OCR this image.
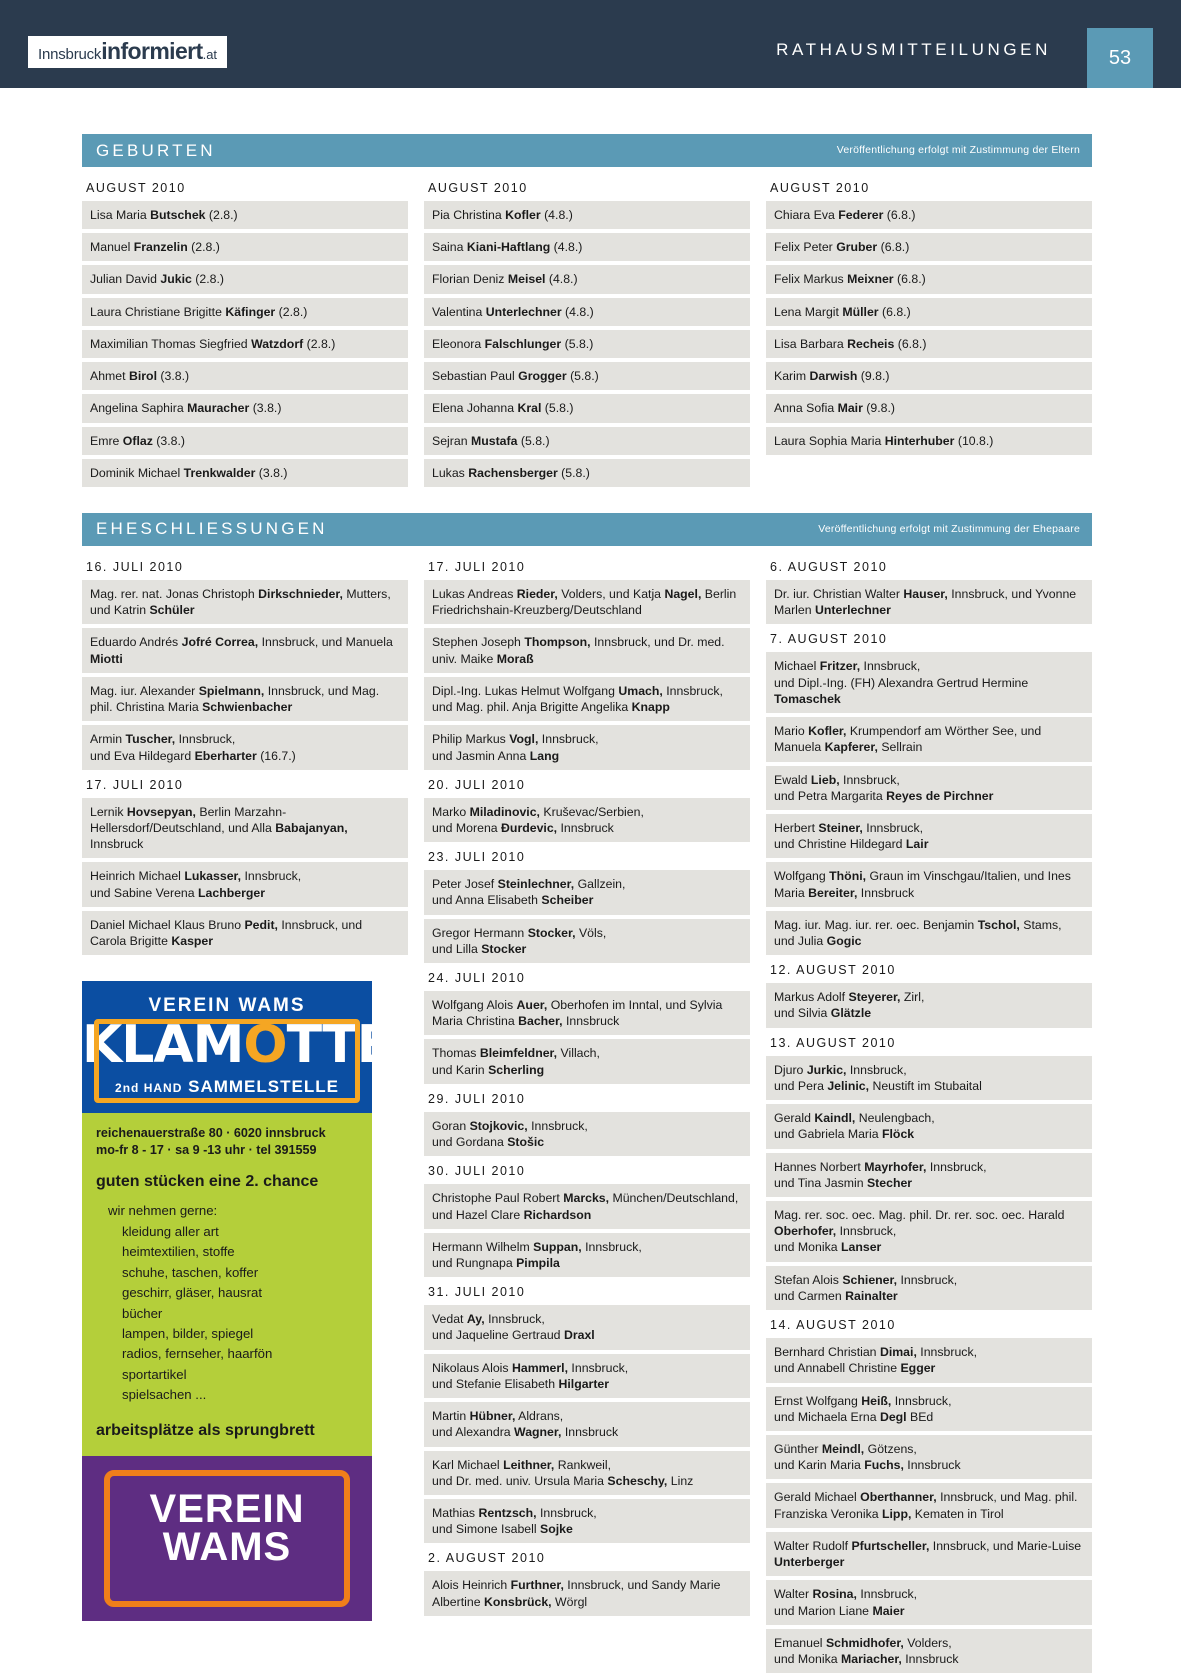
Innsbruck informiert .at	RATHAUSMITTEILUNGEN	53
GEBURTEN	Veröffentlichung erfolgt mit Zustimmung der Eltern
AUGUST 2010
Lisa Maria Butschek (2.8.)
Manuel Franzelin (2.8.)
Julian David Jukic (2.8.)
Laura Christiane Brigitte Käfinger (2.8.)
Maximilian Thomas Siegfried Watzdorf (2.8.)
Ahmet Birol (3.8.)
Angelina Saphira Mauracher (3.8.)
Emre Oflaz (3.8.)
Dominik Michael Trenkwalder (3.8.)
AUGUST 2010
Pia Christina Kofler (4.8.)
Saina Kiani-Haftlang (4.8.)
Florian Deniz Meisel (4.8.)
Valentina Unterlechner (4.8.)
Eleonora Falschlunger (5.8.)
Sebastian Paul Grogger (5.8.)
Elena Johanna Kral (5.8.)
Sejran Mustafa (5.8.)
Lukas Rachensberger (5.8.)
AUGUST 2010
Chiara Eva Federer (6.8.)
Felix Peter Gruber (6.8.)
Felix Markus Meixner (6.8.)
Lena Margit Müller (6.8.)
Lisa Barbara Recheis (6.8.)
Karim Darwish (9.8.)
Anna Sofia Mair (9.8.)
Laura Sophia Maria Hinterhuber (10.8.)
EHESCHLIESSUNGEN	Veröffentlichung erfolgt mit Zustimmung der Ehepaare
16. JULI 2010
Mag. rer. nat. Jonas Christoph Dirkschnieder, Mutters, und Katrin Schüler
Eduardo Andrés Jofré Correa, Innsbruck, und Manuela Miotti
Mag. iur. Alexander Spielmann, Innsbruck, und Mag. phil. Christina Maria Schwienbacher
Armin Tuscher, Innsbruck,
und Eva Hildegard Eberharter (16.7.)
17. JULI 2010
Lernik Hovsepyan, Berlin Marzahn-Hellersdorf/Deutschland, und Alla Babajanyan, Innsbruck
Heinrich Michael Lukasser, Innsbruck,
und Sabine Verena Lachberger
Daniel Michael Klaus Bruno Pedit, Innsbruck, und Carola Brigitte Kasper
VEREIN WAMS
KLAMOTTE
2nd HAND SAMMELSTELLE
reichenauerstraße 80 · 6020 innsbruck
mo-fr 8 - 17 · sa 9 -13 uhr · tel 391559
guten stücken eine 2. chance
wir nehmen gerne:
kleidung aller art
heimtextilien, stoffe
schuhe, taschen, koffer
geschirr, gläser, hausrat
bücher
lampen, bilder, spiegel
radios, fernseher, haarfön
sportartikel
spielsachen ...
arbeitsplätze als sprungbrett
VEREIN
WAMS
17. JULI 2010
Lukas Andreas Rieder, Volders, und Katja Nagel, Berlin Friedrichshain-Kreuzberg/Deutschland
Stephen Joseph Thompson, Innsbruck, und Dr. med. univ. Maike Moraß
Dipl.-Ing. Lukas Helmut Wolfgang Umach, Innsbruck, und Mag. phil. Anja Brigitte Angelika Knapp
Philip Markus Vogl, Innsbruck,
und Jasmin Anna Lang
20. JULI 2010
Marko Miladinovic, Kruševac/Serbien,
und Morena Đurdevic, Innsbruck
23. JULI 2010
Peter Josef Steinlechner, Gallzein,
und Anna Elisabeth Scheiber
Gregor Hermann Stocker, Völs,
und Lilla Stocker
24. JULI 2010
Wolfgang Alois Auer, Oberhofen im Inntal, und Sylvia Maria Christina Bacher, Innsbruck
Thomas Bleimfeldner, Villach,
und Karin Scherling
29. JULI 2010
Goran Stojkovic, Innsbruck,
und Gordana Stošic
30. JULI 2010
Christophe Paul Robert Marcks, München/Deutschland, und Hazel Clare Richardson
Hermann Wilhelm Suppan, Innsbruck,
und Rungnapa Pimpila
31. JULI 2010
Vedat Ay, Innsbruck,
und Jaqueline Gertraud Draxl
Nikolaus Alois Hammerl, Innsbruck,
und Stefanie Elisabeth Hilgarter
Martin Hübner, Aldrans,
und Alexandra Wagner, Innsbruck
Karl Michael Leithner, Rankweil,
und Dr. med. univ. Ursula Maria Scheschy, Linz
Mathias Rentzsch, Innsbruck,
und Simone Isabell Sojke
2. AUGUST 2010
Alois Heinrich Furthner, Innsbruck, und Sandy Marie Albertine Konsbrück, Wörgl
6. AUGUST 2010
Dr. iur. Christian Walter Hauser, Innsbruck, und Yvonne Marlen Unterlechner
7. AUGUST 2010
Michael Fritzer, Innsbruck,
und Dipl.-Ing. (FH) Alexandra Gertrud Hermine Tomaschek
Mario Kofler, Krumpendorf am Wörther See, und Manuela Kapferer, Sellrain
Ewald Lieb, Innsbruck,
und Petra Margarita Reyes de Pirchner
Herbert Steiner, Innsbruck,
und Christine Hildegard Lair
Wolfgang Thöni, Graun im Vinschgau/Italien, und Ines Maria Bereiter, Innsbruck
Mag. iur. Mag. iur. rer. oec. Benjamin Tschol, Stams, und Julia Gogic
12. AUGUST 2010
Markus Adolf Steyerer, Zirl,
und Silvia Glätzle
13. AUGUST 2010
Djuro Jurkic, Innsbruck,
und Pera Jelinic, Neustift im Stubaital
Gerald Kaindl, Neulengbach,
und Gabriela Maria Flöck
Hannes Norbert Mayrhofer, Innsbruck,
und Tina Jasmin Stecher
Mag. rer. soc. oec. Mag. phil. Dr. rer. soc. oec. Harald Oberhofer, Innsbruck,
und Monika Lanser
Stefan Alois Schiener, Innsbruck,
und Carmen Rainalter
14. AUGUST 2010
Bernhard Christian Dimai, Innsbruck,
und Annabell Christine Egger
Ernst Wolfgang Heiß, Innsbruck,
und Michaela Erna Degl BEd
Günther Meindl, Götzens,
und Karin Maria Fuchs, Innsbruck
Gerald Michael Oberthanner, Innsbruck, und Mag. phil. Franziska Veronika Lipp, Kematen in Tirol
Walter Rudolf Pfurtscheller, Innsbruck, und Marie-Luise Unterberger
Walter Rosina, Innsbruck,
und Marion Liane Maier
Emanuel Schmidhofer, Volders,
und Monika Mariacher, Innsbruck
